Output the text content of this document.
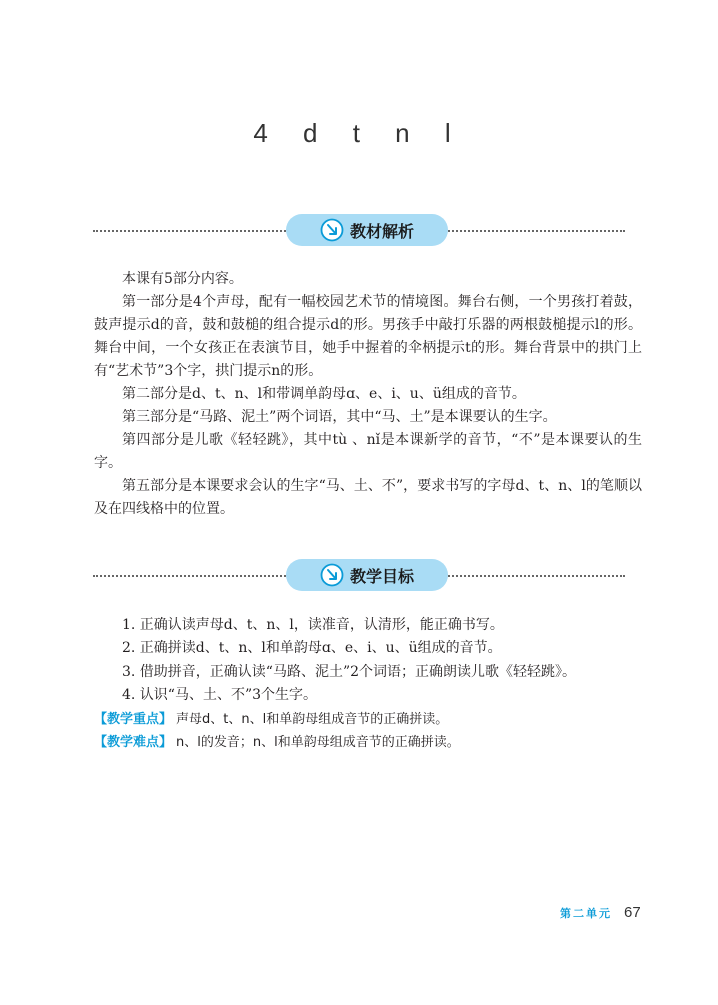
4 d t n l
教材解析

本课有5部分内容。

第一部分是4个声母，配有一幅校园艺术节的情境图。舞台右侧，一个男孩打着鼓，鼓声提示d的音，鼓和鼓槌的组合提示d的形。男孩手中敲打乐器的两根鼓槌提示l的形。舞台中间，一个女孩正在表演节目，她手中握着的伞柄提示t的形。舞台背景中的拱门上有“艺术节”3个字，拱门提示n的形。

第二部分是d、t、n、l和带调单韵母ɑ、e、i、u、ü组成的音节。

第三部分是“马路、泥土”两个词语，其中“马、土”是本课要认的生字。

第四部分是儿歌《轻轻跳》，其中tù 、nǐ是本课新学的音节，“不”是本课要认的生字。

第五部分是本课要求会认的生字“马、土、不”，要求书写的字母d、t、n、l的笔顺以及在四线格中的位置。

教学目标

1. 正确认读声母d、t、n、l，读准音，认清形，能正确书写。

2. 正确拼读d、t、n、l和单韵母ɑ、e、i、u、ü组成的音节。

3. 借助拼音，正确认读“马路、泥土”2个词语；正确朗读儿歌《轻轻跳》。

4. 认识“马、土、不”3个生字。

【教学重点】 声母d、t、n、l和单韵母组成音节的正确拼读。

【教学难点】 n、l的发音；n、l和单韵母组成音节的正确拼读。

第二单元 67
